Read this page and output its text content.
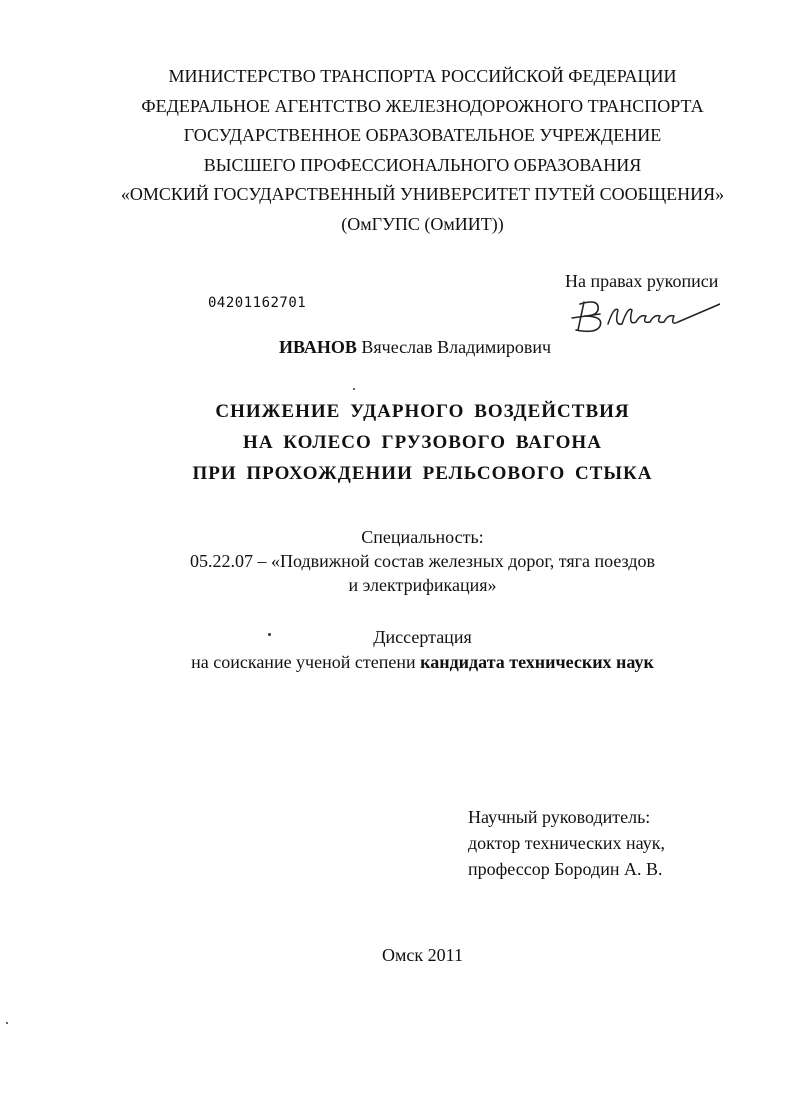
МИНИСТЕРСТВО ТРАНСПОРТА РОССИЙСКОЙ ФЕДЕРАЦИИ
ФЕДЕРАЛЬНОЕ АГЕНТСТВО ЖЕЛЕЗНОДОРОЖНОГО ТРАНСПОРТА
ГОСУДАРСТВЕННОЕ ОБРАЗОВАТЕЛЬНОЕ УЧРЕЖДЕНИЕ
ВЫСШЕГО ПРОФЕССИОНАЛЬНОГО ОБРАЗОВАНИЯ
«ОМСКИЙ ГОСУДАРСТВЕННЫЙ УНИВЕРСИТЕТ ПУТЕЙ СООБЩЕНИЯ»
(ОмГУПС (ОмИИТ))
На правах рукописи
04201162701
ИВАНОВ Вячеслав Владимирович
СНИЖЕНИЕ УДАРНОГО ВОЗДЕЙСТВИЯ
НА КОЛЕСО ГРУЗОВОГО ВАГОНА
ПРИ ПРОХОЖДЕНИИ РЕЛЬСОВОГО СТЫКА
Специальность:
05.22.07 – «Подвижной состав железных дорог, тяга поездов
и электрификация»
Диссертация
на соискание ученой степени кандидата технических наук
Научный руководитель:
доктор технических наук,
профессор Бородин А. В.
Омск 2011
